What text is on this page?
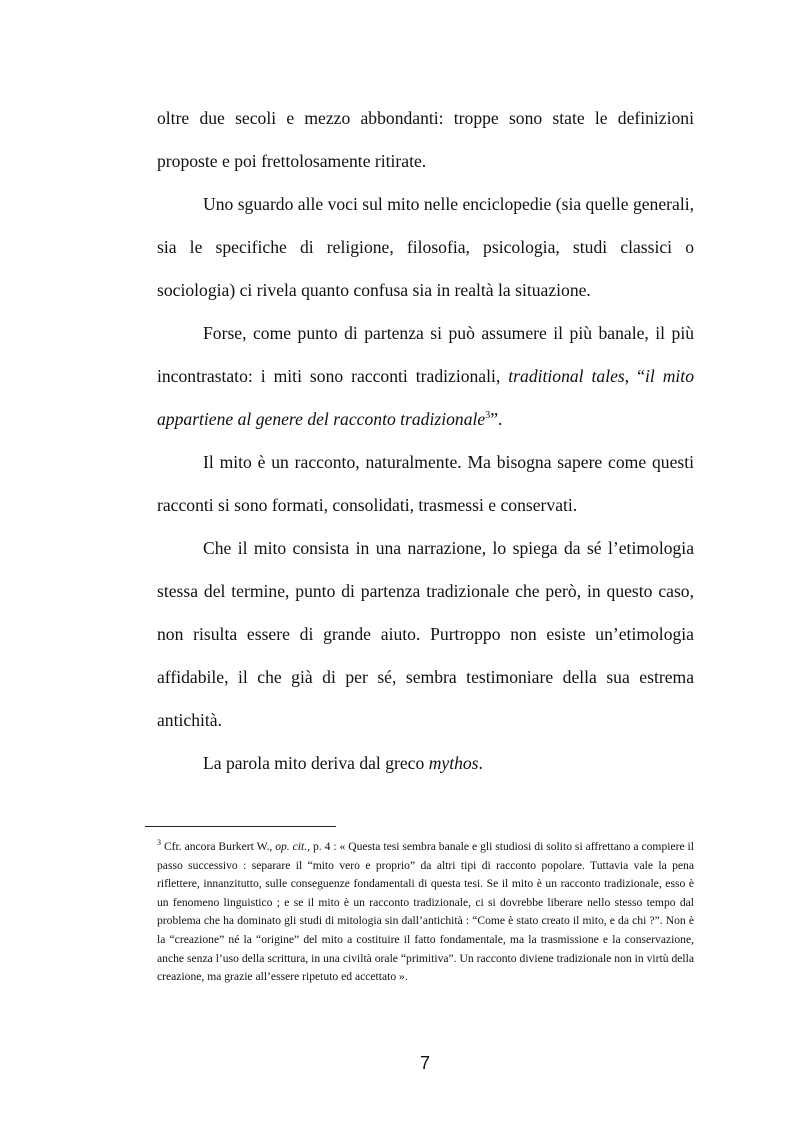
oltre due secoli e mezzo abbondanti: troppe sono state le definizioni proposte e poi frettolosamente ritirate.

Uno sguardo alle voci sul mito nelle enciclopedie (sia quelle generali, sia le specifiche di religione, filosofia, psicologia, studi classici o sociologia) ci rivela quanto confusa sia in realtà la situazione.

Forse, come punto di partenza si può assumere il più banale, il più incontrastato: i miti sono racconti tradizionali, traditional tales, “il mito appartiene al genere del racconto tradizionale$^3$”.

Il mito è un racconto, naturalmente. Ma bisogna sapere come questi racconti si sono formati, consolidati, trasmessi e conservati.

Che il mito consista in una narrazione, lo spiega da sé l’etimologia stessa del termine, punto di partenza tradizionale che però, in questo caso, non risulta essere di grande aiuto. Purtroppo non esiste un’etimologia affidabile, il che già di per sé, sembra testimoniare della sua estrema antichità.

La parola mito deriva dal greco mythos.

$^3$ Cfr. ancora Burkert W., op. cit., p. 4 : « Questa tesi sembra banale e gli studiosi di solito si affrettano a compiere il passo successivo : separare il “mito vero e proprio” da altri tipi di racconto popolare. Tuttavia vale la pena riflettere, innanzitutto, sulle conseguenze fondamentali di questa tesi. Se il mito è un racconto tradizionale, esso è un fenomeno linguistico ; e se il mito è un racconto tradizionale, ci si dovrebbe liberare nello stesso tempo dal problema che ha dominato gli studi di mitologia sin dall’antichità : “Come è stato creato il mito, e da chi ?”. Non è la “creazione” né la “origine” del mito a costituire il fatto fondamentale, ma la trasmissione e la conservazione, anche senza l’uso della scrittura, in una civiltà orale “primitiva”. Un racconto diviene tradizionale non in virtù della creazione, ma grazie all’essere ripetuto ed accettato ».
7
